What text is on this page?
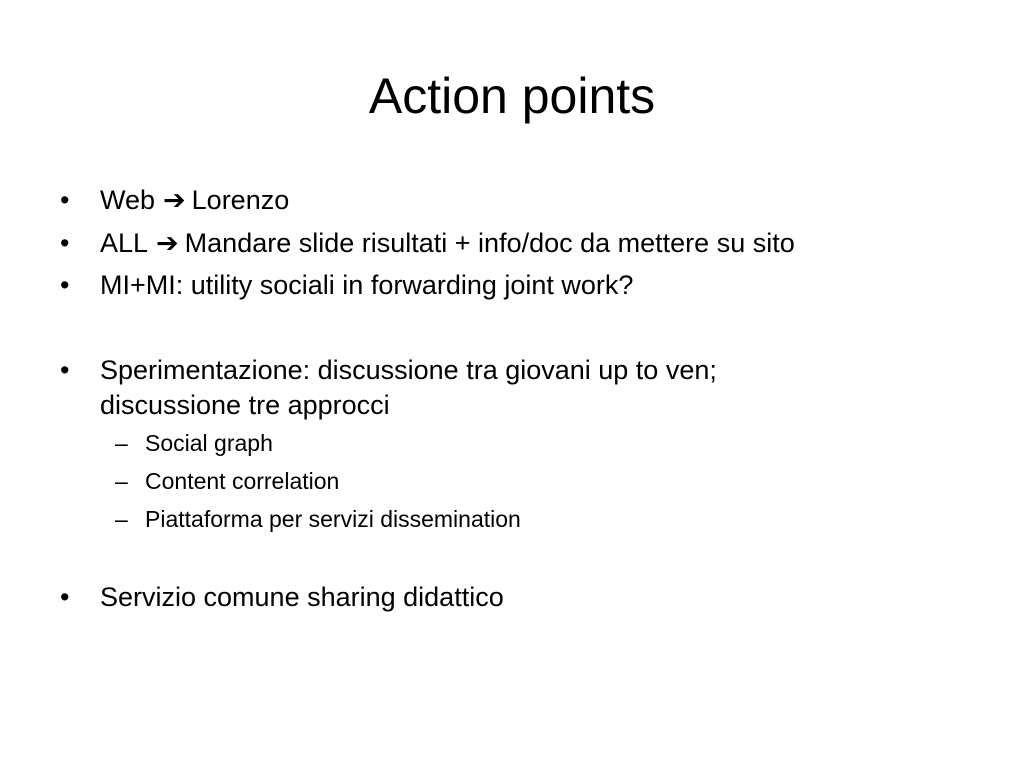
Action points
• Web ➔ Lorenzo
• ALL ➔ Mandare slide risultati + info/doc da mettere su sito
• MI+MI: utility sociali in forwarding joint work?
• Sperimentazione: discussione tra giovani up to ven;
discussione tre approcci
– Social graph
– Content correlation
– Piattaforma per servizi dissemination
• Servizio comune sharing didattico
